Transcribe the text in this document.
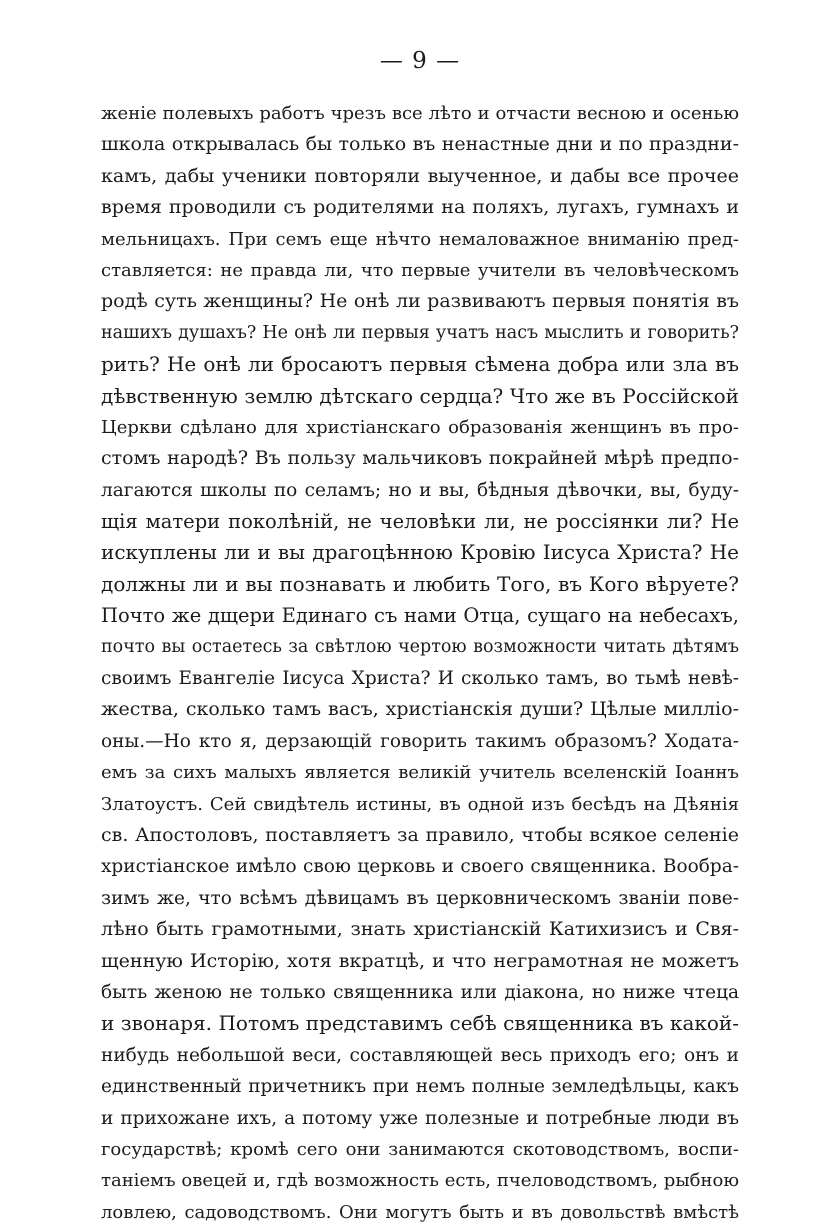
— 9 —
женіе полевыхъ работъ чрезъ все лѣто и отчасти весною и осенью
школа открывалась бы только въ ненастные дни и по праздни-
камъ, дабы ученики повторяли выученное, и дабы все прочее
время проводили съ родителями на поляхъ, лугахъ, гумнахъ и
мельницахъ. При семъ еще нѣчто немаловажное вниманію пред-
ставляется: не правда ли, что первые учители въ человѣческомъ
родѣ суть женщины? Не онѣ ли развиваютъ первыя понятія въ
нашихъ душахъ? Не онѣ ли первыя учатъ насъ мыслить и говорить?
рить? Не онѣ ли бросаютъ первыя сѣмена добра или зла въ
дѣвственную землю дѣтскаго сердца? Что же въ Россійской
Церкви сдѣлано для христіанскаго образованія женщинъ въ про-
стомъ народѣ? Въ пользу мальчиковъ покрайней мѣрѣ предпо-
лагаются школы по селамъ; но и вы, бѣдныя дѣвочки, вы, буду-
щія матери поколѣній, не человѣки ли, не россіянки ли? Не
искуплены ли и вы драгоцѣнною Кровію Іисуса Христа? Не
должны ли и вы познавать и любить Того, въ Кого вѣруете?
Почто же дщери Единаго съ нами Отца, сущаго на небесахъ,
почто вы остаетесь за свѣтлою чертою возможности читать дѣтямъ
своимъ Евангеліе Іисуса Христа? И сколько тамъ, во тьмѣ невѣ-
жества, сколько тамъ васъ, христіанскія души? Цѣлые милліо-
оны.—Но кто я, дерзающій говорить такимъ образомъ? Ходата-
емъ за сихъ малыхъ является великій учитель вселенскій Іоаннъ
Златоустъ. Сей свидѣтель истины, въ одной изъ бесѣдъ на Дѣянія
св. Апостоловъ, поставляетъ за правило, чтобы всякое селеніе
христіанское имѣло свою церковь и своего священника. Вообра-
зимъ же, что всѣмъ дѣвицамъ въ церковническомъ званіи пове-
лѣно быть грамотными, знать христіанскій Катихизисъ и Свя-
щенную Исторію, хотя вкратцѣ, и что неграмотная не можетъ
быть женою не только священника или діакона, но ниже чтеца
и звонаря. Потомъ представимъ себѣ священника въ какой-
нибудь небольшой веси, составляющей весь приходъ его; онъ и
единственный причетникъ при немъ полные земледѣльцы, какъ
и прихожане ихъ, а потому уже полезные и потребные люди въ
государствѣ; кромѣ сего они занимаются скотоводствомъ, воспи-
таніемъ овецей и, гдѣ возможность есть, пчеловодствомъ, рыбною
ловлею, садоводствомъ. Они могутъ быть и въ довольствѣ вмѣстѣ
